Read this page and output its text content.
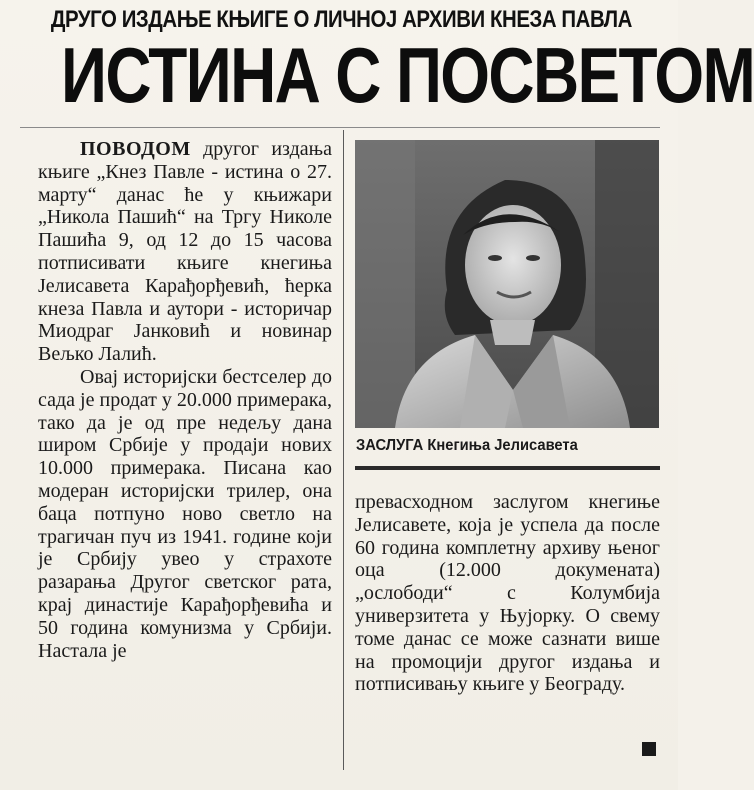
ДРУГО ИЗДАЊЕ КЊИГЕ О ЛИЧНОЈ АРХИВИ КНЕЗА ПАВЛА
ИСТИНА С ПОСВЕТОМ

ПОВОДОМ другог издања књиге „Кнез Павле - истина о 27. марту“ данас ће у књижари „Никола Пашић“ на Тргу Николе Пашића 9, од 12 до 15 часова потписивати књиге кнегиња Јелисавета Карађорђевић, ћерка кнеза Павла и аутори - историчар Миодраг Јанковић и новинар Вељко Лалић.

Овај историјски бестселер до сада је продат у 20.000 примерака, тако да је од пре недељу дана широм Србије у продаји нових 10.000 примерака. Писана као модеран историјски трилер, она баца потпуно ново светло на трагичан пуч из 1941. године који је Србију увео у страхоте разарања Другог светског рата, крај династије Карађорђевића и 50 година комунизма у Србији. Настала је

ЗАСЛУГА Кнегиња Јелисавета

превасходном заслугом кнегиње Јелисавете, која је успела да после 60 година комплетну архиву њеног оца (12.000 докумената) „ослободи“ с Колумбија универзитета у Њујорку. О свему томе данас се може сазнати више на промоцији другог издања и потписивању књиге у Београду.
